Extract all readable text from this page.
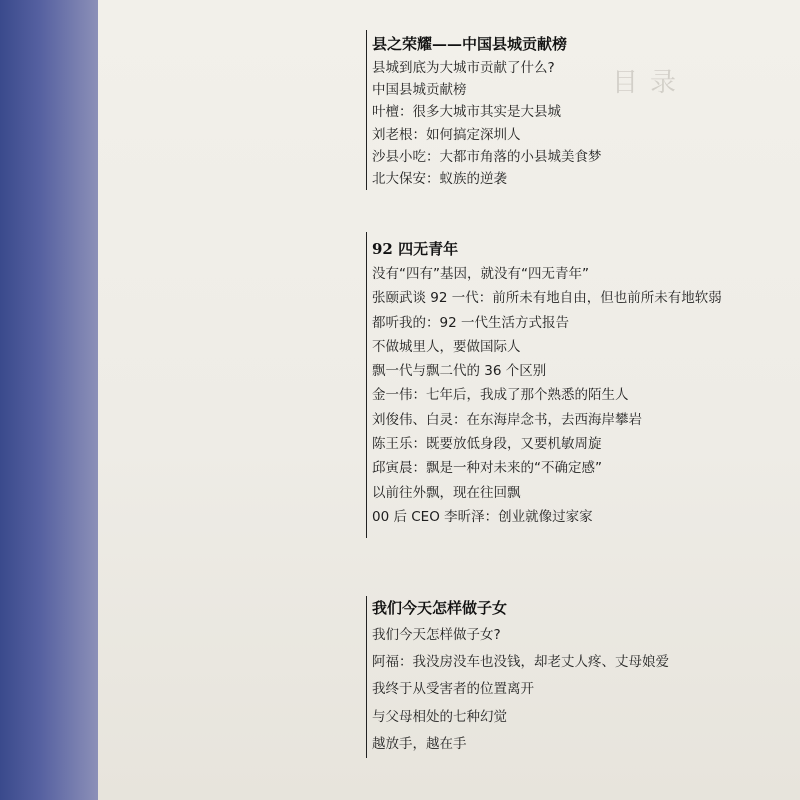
目录
县之荣耀——中国县城贡献榜
县城到底为大城市贡献了什么?
中国县城贡献榜
叶檀：很多大城市其实是大县城
刘老根：如何搞定深圳人
沙县小吃：大都市角落的小县城美食梦
北大保安：蚁族的逆袭
92 四无青年
没有“四有”基因，就没有“四无青年”
张颐武谈 92 一代：前所未有地自由，但也前所未有地软弱
都听我的：92 一代生活方式报告
不做城里人，要做国际人
飘一代与飘二代的 36 个区别
金一伟：七年后，我成了那个熟悉的陌生人
刘俊伟、白灵：在东海岸念书，去西海岸攀岩
陈王乐：既要放低身段，又要机敏周旋
邱寅晨：飘是一种对未来的“不确定感”
以前往外飘，现在往回飘
00 后 CEO 李昕泽：创业就像过家家
我们今天怎样做子女
我们今天怎样做子女?
阿福：我没房没车也没钱，却老丈人疼、丈母娘爱
我终于从受害者的位置离开
与父母相处的七种幻觉
越放手，越在手
